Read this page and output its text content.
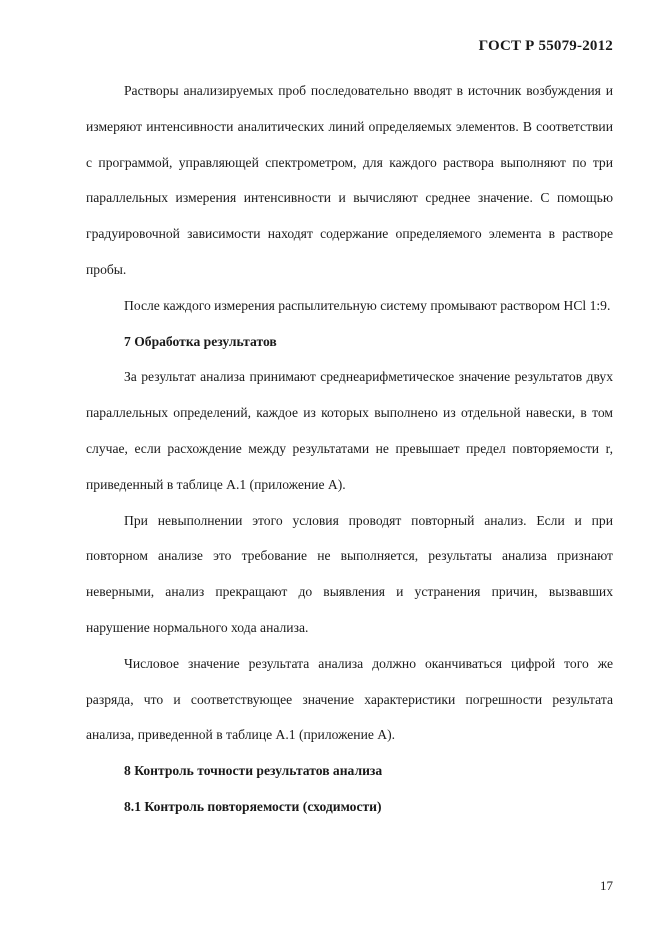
ГОСТ Р 55079-2012

Растворы анализируемых проб последовательно вводят в источник возбуждения и измеряют интенсивности аналитических линий определяемых элементов. В соответствии с программой, управляющей спектрометром, для каждого раствора выполняют по три параллельных измерения интенсивности и вычисляют среднее значение. С помощью градуировочной зависимости находят содержание определяемого элемента в растворе пробы.

После каждого измерения распылительную систему промывают раствором HCl 1:9.

7 Обработка результатов

За результат анализа принимают среднеарифметическое значение результатов двух параллельных определений, каждое из которых выполнено из отдельной навески, в том случае, если расхождение между результатами не превышает предел повторяемости r, приведенный в таблице А.1 (приложение А).

При невыполнении этого условия проводят повторный анализ. Если и при повторном анализе это требование не выполняется, результаты анализа признают неверными, анализ прекращают до выявления и устранения причин, вызвавших нарушение нормального хода анализа.

Числовое значение результата анализа должно оканчиваться цифрой того же разряда, что и соответствующее значение характеристики погрешности результата анализа, приведенной в таблице А.1 (приложение А).

8 Контроль точности результатов анализа

8.1 Контроль повторяемости (сходимости)

17
